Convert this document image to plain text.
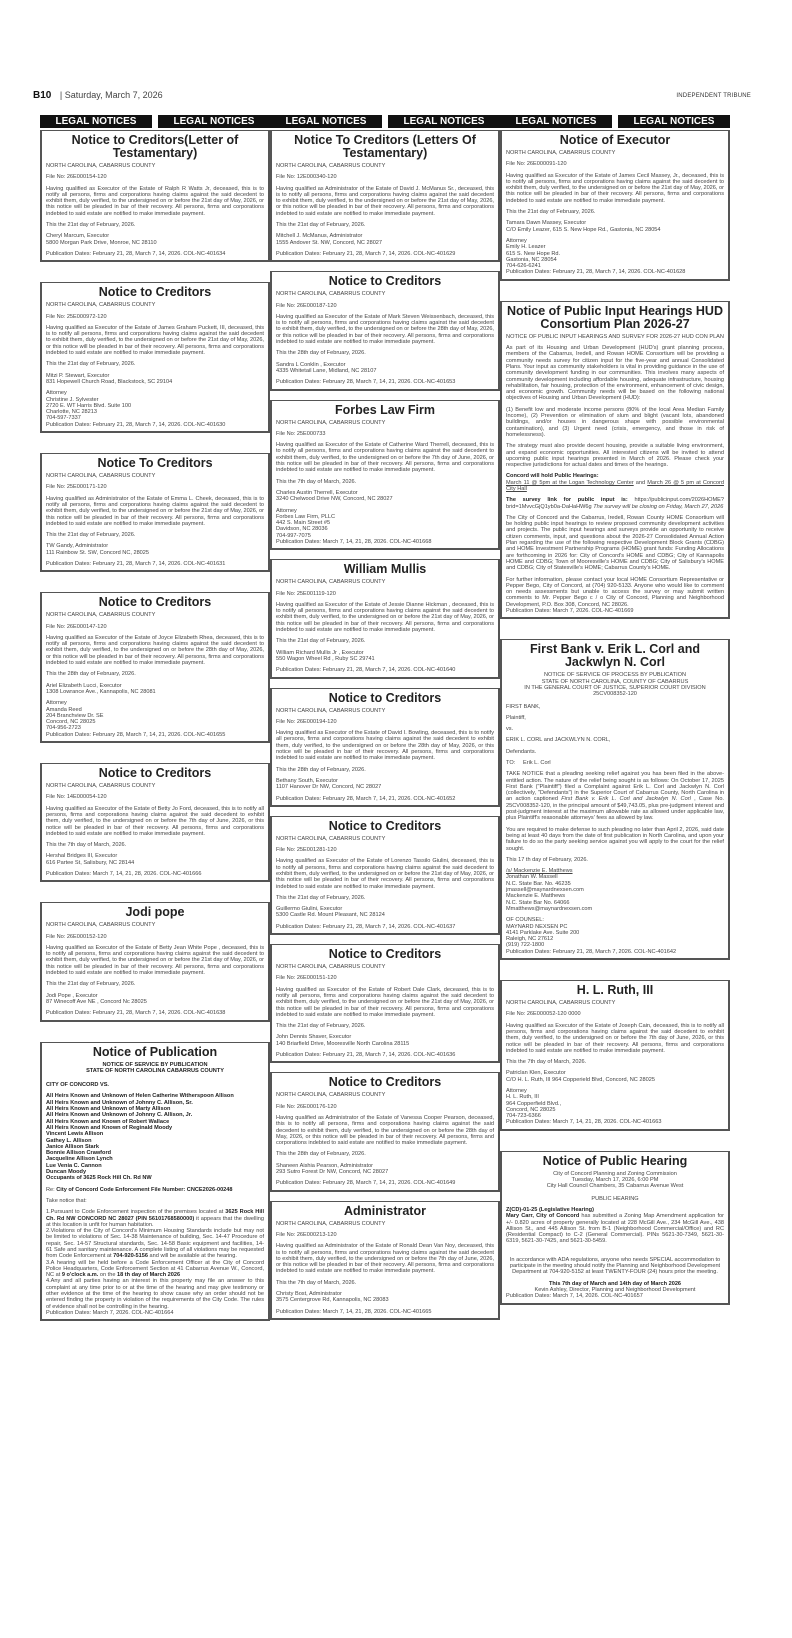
B10 | Saturday, March 7, 2026	INDEPENDENT TRIBUNE
LEGAL NOTICES	LEGAL NOTICES
Notice to Creditors(Letter of Testamentary)

NORTH CAROLINA, CABARRUS COUNTY

File No: 26E000154-120

Having qualified as Executor of the Estate of Ralph R Watts Jr, deceased, this is to notify all persons, firms and corporations having claims against the said decedent to exhibit them, duly verified, to the undersigned on or before the 21st day of May, 2026, or this notice will be pleaded in bar of their recovery. All persons, firms and corporations indebted to said estate are notified to make immediate payment.

This the 21st day of February, 2026.

Cheryl Marcum, Executor
5800 Morgan Park Drive, Monroe, NC 28110
Publication Dates: February 21, 28, March 7, 14, 2026. COL-NC-401634
Notice to Creditors

NORTH CAROLINA, CABARRUS COUNTY

File No: 25E000972-120

Having qualified as Executor of the Estate of James Graham Puckett, III, deceased, this is to notify all persons, firms and corporations having claims against the said decedent to exhibit them, duly verified, to the undersigned on or before the 21st day of May, 2026, or this notice will be pleaded in bar of their recovery. All persons, firms and corporations indebted to said estate are notified to make immediate payment.

This the 21st day of February, 2026.

Mitzi P. Stewart, Executor
831 Hopewell Church Road, Blackstock, SC 29104
Attorney
Christine J. Sylvester
2720 E. WT Harris Blvd. Suite 100
Charlotte, NC 28213
704-597-7337
Publication Dates: February 21, 28, March 7, 14, 2026. COL-NC-401630
Notice To Creditors

NORTH CAROLINA, CABARRUS COUNTY

File No: 25E000171-120

Having qualified as Administrator of the Estate of Emma L. Cheek, deceased, this is to notify all persons, firms and corporations having claims against the said decedent to exhibit them, duly verified, to the undersigned on or before the 21st day of May, 2026, or this notice will be pleaded in bar of their recovery. All persons, firms and corporations indebted to said estate are notified to make immediate payment.

This the 21st day of February, 2026.

TW Gandy, Administrator
111 Rainbow St. SW, Concord NC, 28025
Publication Dates: February 21, 28, March 7, 14, 2026. COL-NC-401631
Notice to Creditors

NORTH CAROLINA, CABARRUS COUNTY

File No: 26E000147-120

Having qualified as Executor of the Estate of Joyce Elizabeth Rhea, deceased, this is to notify all persons, firms and corporations having claims against the said decedent to exhibit them, duly verified, to the undersigned on or before the 28th day of May, 2026, or this notice will be pleaded in bar of their recovery. All persons, firms and corporations indebted to said estate are notified to make immediate payment.

This the 28th day of February, 2026.

Ariel Elizabeth Lucci, Executor
1308 Lowrance Ave., Kannapolis, NC 28081
Attorney
Amanda Reed
204 Branchview Dr. SE
Concord, NC 28025
704-956-2723
Publication Dates: February 28, March 7, 14, 21, 2026. COL-NC-401655
Notice to Creditors

NORTH CAROLINA, CABARRUS COUNTY

File No: 14E000054-120

Having qualified as Executor of the Estate of Betty Jo Ford, deceased, this is to notify all persons, firms and corporations having claims against the said decedent to exhibit them, duly verified, to the undersigned on or before the 7th day of June, 2026, or this notice will be pleaded in bar of their recovery. All persons, firms and corporations indebted to said estate are notified to make immediate payment.

This the 7th day of March, 2026.

Hershal Bridges III, Executor
616 Partee St, Salisbury, NC 28144
Publication Dates: March 7, 14, 21, 28, 2026. COL-NC-401666
Jodi pope

NORTH CAROLINA, CABARRUS COUNTY

File No: 26E000152-120

Having qualified as Executor of the Estate of Betty Jean White Pope , deceased, this is to notify all persons, firms and corporations having claims against the said decedent to exhibit them, duly verified, to the undersigned on or before the 21st day of May, 2026, or this notice will be pleaded in bar of their recovery. All persons, firms and corporations indebted to said estate are notified to make immediate payment.

This the 21st day of February, 2026.

Jodi Pope , Executor
87 Winecoff Ave NE , Concord Nc 28025
Publication Dates: February 21, 28, March 7, 14, 2026. COL-NC-401638
Notice of Publication
NOTICE OF SERVICE BY PUBLICATION
STATE OF NORTH CAROLINA CABARRUS COUNTY

CITY OF CONCORD VS.

All Heirs Known and Unknown of Helen Catherine Witherspoon Allison
All Heirs Known and Unknown of Johnny C. Allison, Sr.
All Heirs Known and Unknown of Marty Allison
All Heirs Known and Unknown of Johnny C. Allison, Jr.
All Heirs Known and Known of Robert Wallace
All Heirs Known and Known of Reginald Moody
Vincent Lewis Allison
Gathey L. Allison
Janice Allison Stark
Bonnie Allison Crawford
Jacqueline Allison Lynch
Lue Venia C. Cannon
Duncan Moody
Occupants of 3625 Rock Hill Ch. Rd NW

Re: City of Concord Code Enforcement File Number: CNCE2026-00248

Take notice that:

1.Pursuant to Code Enforcement inspection of the premises located at 3625 Rock Hill Ch. Rd NW CONCORD NC 28027 (PIN 56101768580000) it appears that the dwelling at this location is unfit for human habitation.

2.Violations of the City of Concord's Minimum Housing Standards include but may not be limited to violations of Sec. 14-38 Maintenance of building, Sec. 14-47 Procedure of repair, Sec. 14-57 Structural standards, Sec. 14-58 Basic equipment and facilities, 14-61 Safe and sanitary maintenance. A complete listing of all violations may be requested from Code Enforcement at 704-920-5156 and will be available at the hearing.

3.A hearing will be held before a Code Enforcement Officer at the City of Concord Police Headquarters, Code Enforcement Section at 41 Cabarrus Avenue W., Concord, NC at 9 o'clock a.m. on the 18 th day of March 2026

4.Any and all parties having an interest in this property may file an answer to this complaint at any time prior to or at the time of the hearing and may give testimony or other evidence at the time of the hearing to show cause why an order should not be entered finding the property in violation of the requirements of the City Code. The rules of evidence shall not be controlling in the hearing.

Publication Dates: March 7, 2026. COL-NC-401664
LEGAL NOTICES	LEGAL NOTICES
Notice To Creditors (Letters Of Testamentary)

NORTH CAROLINA, CABARRUS COUNTY

File No: 12E000340-120

Having qualified as Administrator of the Estate of David J. McManus Sr., deceased, this is to notify all persons, firms and corporations having claims against the said decedent to exhibit them, duly verified, to the undersigned on or before the 21st day of May, 2026, or this notice will be pleaded in bar of their recovery. All persons, firms and corporations indebted to said estate are notified to make immediate payment.

This the 21st day of February, 2026.

Mitchell J. McManus, Administrator
1555 Andover St. NW, Concord, NC 28027
Publication Dates: February 21, 28, March 7, 14, 2026. COL-NC-401629
Notice to Creditors

NORTH CAROLINA, CABARRUS COUNTY

File No: 26E000187-120

Having qualified as Executor of the Estate of Mark Steven Weissenbach, deceased, this is to notify all persons, firms and corporations having claims against the said decedent to exhibit them, duly verified, to the undersigned on or before the 28th day of May, 2026, or this notice will be pleaded in bar of their recovery. All persons, firms and corporations indebted to said estate are notified to make immediate payment.

This the 28th day of February, 2026.

Sandra L Conklin , Executor
4335 Whitetail Lane, Midland, NC 28107
Publication Dates: February 28, March 7, 14, 21, 2026. COL-NC-401653
Forbes Law Firm

NORTH CAROLINA, CABARRUS COUNTY

File No: 25E000733

Having qualified as Executor of the Estate of Catherine Ward Therrell, deceased, this is to notify all persons, firms and corporations having claims against the said decedent to exhibit them, duly verified, to the undersigned on or before the 7th day of June, 2026, or this notice will be pleaded in bar of their recovery. All persons, firms and corporations indebted to said estate are notified to make immediate payment.

This the 7th day of March, 2026.

Charles Austin Therrell, Executor
3240 Chelwood Drive NW, Concord, NC 28027
Attorney
Forbes Law Firm, PLLC
442 S. Main Street #5
Davidson, NC 28036
704-997-7075
Publication Dates: March 7, 14, 21, 28, 2026. COL-NC-401668
William Mullis

NORTH CAROLINA, CABARRUS COUNTY

File No: 25E001119-120

Having qualified as Executor of the Estate of Jessie Dianne Hickman , deceased, this is to notify all persons, firms and corporations having claims against the said decedent to exhibit them, duly verified, to the undersigned on or before the 21st day of May, 2026, or this notice will be pleaded in bar of their recovery. All persons, firms and corporations indebted to said estate are notified to make immediate payment.

This the 21st day of February, 2026.

William Richard Mullis Jr , Executor
550 Wagon Wheel Rd , Ruby SC 29741
Publication Dates: February 21, 28, March 7, 14, 2026. COL-NC-401640
Notice to Creditors

NORTH CAROLINA, CABARRUS COUNTY

File No: 26E000194-120

Having qualified as Executor of the Estate of David I. Bowling, deceased, this is to notify all persons, firms and corporations having claims against the said decedent to exhibit them, duly verified, to the undersigned on or before the 28th day of May, 2026, or this notice will be pleaded in bar of their recovery. All persons, firms and corporations indebted to said estate are notified to make immediate payment.

This the 28th day of February, 2026.

Bethany South, Executor
1107 Hanover Dr NW, Concord, NC 28027
Publication Dates: February 28, March 7, 14, 21, 2026. COL-NC-401652
Notice to Creditors

NORTH CAROLINA, CABARRUS COUNTY

File No: 25E001281-120

Having qualified as Executor of the Estate of Lorenzo Tassilo Giulini, deceased, this is to notify all persons, firms and corporations having claims against the said decedent to exhibit them, duly verified, to the undersigned on or before the 21st day of May, 2026, or this notice will be pleaded in bar of their recovery. All persons, firms and corporations indebted to said estate are notified to make immediate payment.

This the 21st day of February, 2026.

Guillermo Giulini, Executor
5300 Castle Rd. Mount Pleasant, NC 28124
Publication Dates: February 21, 28, March 7, 14, 2026. COL-NC-401637
Notice to Creditors

NORTH CAROLINA, CABARRUS COUNTY

File No: 26E000151-120

Having qualified as Executor of the Estate of Robert Dale Clark, deceased, this is to notify all persons, firms and corporations having claims against the said decedent to exhibit them, duly verified, to the undersigned on or before the 21st day of May, 2026, or this notice will be pleaded in bar of their recovery. All persons, firms and corporations indebted to said estate are notified to make immediate payment.

This the 21st day of February, 2026.

John Dennis Shaver, Executor
140 Briarfield Drive, Mooresville North Carolina 28115
Publication Dates: February 21, 28, March 7, 14, 2026. COL-NC-401636
Notice to Creditors

NORTH CAROLINA, CABARRUS COUNTY

File No: 26E000176-120

Having qualified as Administrator of the Estate of Vanessa Cooper Pearson, deceased, this is to notify all persons, firms and corporations having claims against the said decedent to exhibit them, duly verified, to the undersigned on or before the 28th day of May, 2026, or this notice will be pleaded in bar of their recovery. All persons, firms and corporations indebted to said estate are notified to make immediate payment.

This the 28th day of February, 2026.

Shaneen Aishia Pearson, Administrator
293 Sutro Forest Dr NW, Concord, NC 28027
Publication Dates: February 28, March 7, 14, 21, 2026. COL-NC-401649
Administrator

NORTH CAROLINA, CABARRUS COUNTY

File No: 26E000213-120

Having qualified as Administrator of the Estate of Ronald Dean Van Noy, deceased, this is to notify all persons, firms and corporations having claims against the said decedent to exhibit them, duly verified, to the undersigned on or before the 7th day of June, 2026, or this notice will be pleaded in bar of their recovery. All persons, firms and corporations indebted to said estate are notified to make immediate payment.

This the 7th day of March, 2026.

Christy Bost, Administrator
3575 Centergrove Rd, Kannapolis, NC 28083
Publication Dates: March 7, 14, 21, 28, 2026. COL-NC-401665
LEGAL NOTICES	LEGAL NOTICES
Notice of Executor

NORTH CAROLINA, CABARRUS COUNTY

File No: 26E000091-120

Having qualified as Executor of the Estate of James Cecil Massey, Jr., deceased, this is to notify all persons, firms and corporations having claims against the said decedent to exhibit them, duly verified, to the undersigned on or before the 21st day of May, 2026, or this notice will be pleaded in bar of their recovery. All persons, firms and corporations indebted to said estate are notified to make immediate payment.

This the 21st day of February, 2026.

Tamara Dawn Massey, Executor
C/O Emily Leazer, 615 S. New Hope Rd., Gastonia, NC 28054
Attorney
Emily H. Leazer
615 S. New Hope Rd.
Gastonia, NC 28054
704-626-6241
Publication Dates: February 21, 28, March 7, 14, 2026. COL-NC-401628
Notice of Public Input Hearings HUD Consortium Plan 2026-27

NOTICE OF PUBLIC INPUT HEARINGS AND SURVEY FOR 2026-27 HUD CON PLAN

As part of its Housing and Urban Development (HUD's) grant planning process, members of the Cabarrus, Iredell, and Rowan HOME Consortium will be providing a community needs survey for citizen input for the five-year and annual Consolidated Plans. Your input as community stakeholders is vital in providing guidance in the use of community development funding in our communities. This involves many aspects of community development including affordable housing, adequate infrastructure, housing rehabilitation, fair housing, protection of the environment, enhancement of civic design, and economic growth. Community needs will be based on the following national objectives of Housing and Urban Development (HUD):

(1) Benefit low and moderate income persons (80% of the local Area Median Family Income), (2) Prevention or elimination of slum and blight (vacant lots, abandoned buildings, and/or houses in dangerous shape with possible environmental contamination), and (3) Urgent need (crisis, emergency, and those in risk of homelessness).

The strategy must also provide decent housing, provide a suitable living environment, and expand economic opportunities. All interested citizens will be invited to attend upcoming public input hearings presented in March of 2026. Please check your respective jurisdictions for actual dates and times of the hearings.

Concord will hold Public Hearings:
March 11 @ 5pm at the Logan Technology Center and March 26 @ 5 pm at Concord City Hall

The survey link for public input is: https://publicinput.com/2026HOME?brid=1MvvcGjQ1yb0a-DaHaHW6g The survey will be closing on Friday, March 27, 2026

The City of Concord and the Cabarrus, Iredell, Rowan County HOME Consortium will be holding public input hearings to review proposed community development activities and projects. The public input hearings and surveys provide an opportunity to receive citizen comments, input, and questions about the 2026-27 Consolidated Annual Action Plan regarding the use of the following respective Development Block Grants (CDBG) and HOME Investment Partnership Programs (HOME) grant funds: Funding Allocations are forthcoming in 2026 for: City of Concord's HOME and CDBG; City of Kannapolis HOME and CDBG; Town of Mooresville's HOME and CDBG; City of Salisbury's HOME and CDBG; City of Statesville's HOME; Cabarrus County's HOME.

For further information, please contact your local HOME Consortium Representative or Pepper Bego, City of Concord, at (704) 920-5133. Anyone who would like to comment on needs assessments but unable to access the survey or may submit written comments to Mr. Pepper Bego c / o City of Concord, Planning and Neighborhood Development, P.O. Box 308, Concord, NC 28026.

Publication Dates: March 7, 2026. COL-NC-401669
First Bank v. Erik L. Corl and Jackwlyn N. Corl
NOTICE OF SERVICE OF PROCESS BY PUBLICATION
STATE OF NORTH CAROLINA, COUNTY OF CABARRUS
IN THE GENERAL COURT OF JUSTICE, SUPERIOR COURT DIVISION
25CV008352-120

FIRST BANK,

Plaintiff,

vs.

ERIK L. CORL and JACKWLYN N. CORL,

Defendants.

TO:     Erik L. Corl

TAKE NOTICE that a pleading seeking relief against you has been filed in the above-entitled action. The nature of the relief being sought is as follows: On October 17, 2025 First Bank ("Plaintiff") filed a Complaint against Erik L. Corl and Jackwlyn N. Corl (collectively, "Defendants") in the Superior Court of Cabarrus County, North Carolina in an action captioned First Bank v. Erik L. Corl and Jackwlyn N. Corl , Case No. 25CV008352-120, in the principal amount of $49,743.05, plus pre-judgment interest and post-judgment interest at the maximum allowable rate as allowed under applicable law, plus Plaintiff's reasonable attorneys' fees as allowed by law.

You are required to make defense to such pleading no later than April 2, 2026, said date being at least 40 days from the date of first publication in North Carolina, and upon your failure to do so the party seeking service against you will apply to the court for the relief sought.

This 17 th day of February, 2026.

/s/ Mackenzie E. Matthews
Jonathan W. Massell
N.C. State Bar. No. 46235
jmassell@maynardnexsen.com
Mackenzie E. Matthews
N.C. State Bar No. 64066
Mmatthews@maynardnexsen.com
OF COUNSEL:
MAYNARD NEXSEN PC
4141 Parklake Ave. Suite 200
Raleigh, NC 27612
(919) 722-1800
Publication Dates: February 21, 28, March 7, 2026. COL-NC-401642
H. L. Ruth, III

NORTH CAROLINA, CABARRUS COUNTY

File No: 26E000052-120 0000

Having qualified as Executor of the Estate of Joseph Cain, deceased, this is to notify all persons, firms and corporations having claims against the said decedent to exhibit them, duly verified, to the undersigned on or before the 7th day of June, 2026, or this notice will be pleaded in bar of their recovery. All persons, firms and corporations indebted to said estate are notified to make immediate payment.

This the 7th day of March, 2026.

Patriclan Klen, Executor
C/O H. L. Ruth, III 964 Copperield Blvd, Concord, NC 28025
Attorney
H. L. Ruth, III
964 Copperfield Blvd.,
Concord, NC 28025
704-723-6366
Publication Dates: March 7, 14, 21, 28, 2026. COL-NC-401663
Notice of Public Hearing
City of Concord Planning and Zoning Commission
Tuesday, March 17, 2026, 6:00 PM
City Hall Council Chambers, 35 Cabarrus Avenue West

PUBLIC HEARING

Z(CD)-01-25 (Legislative Hearing)
Mary Carr, City of Concord has submitted a Zoning Map Amendment application for +/- 0.820 acres of property generally located at 228 McGill Ave., 234 McGill Ave., 438 Allison St., and 445 Allison St. from B-1 (Neighborhood Commercial/Office) and RC (Residential Compact) to C-2 (General Commercial). PINs 5621-30-7349, 5621-30-6319, 5621-30-7425, and 5621-30-5459.

In accordance with ADA regulations, anyone who needs SPECIAL accommodation to participate in the meeting should notify the Planning and Neighborhood Development Department at 704-920-5152 at least TWENTY-FOUR (24) hours prior the meeting.

This 7th day of March and 14th day of March 2026
Kevin Ashley, Director, Planning and Neighborhood Development
Publication Dates: March 7, 14, 2026. COL-NC-401657
